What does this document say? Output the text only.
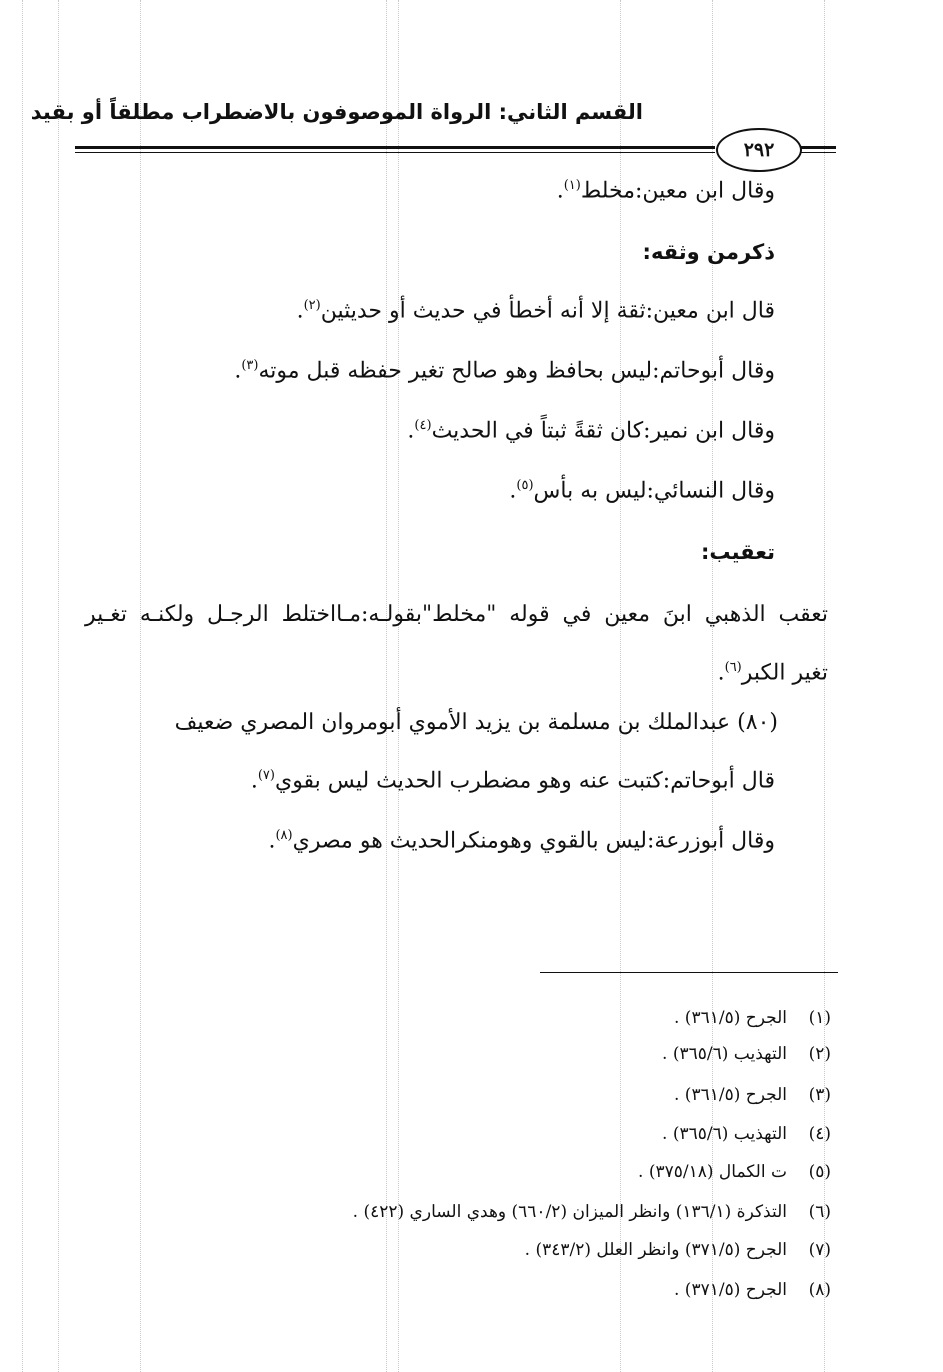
القسم الثاني: الرواة الموصوفون بالاضطراب مطلقاً أو بقيد
٢٩٢
وقال ابن معين:مخلط$^{(١)}$.
ذكرمن وثقه:
قال ابن معين:ثقة إلا أنه أخطأ في حديث أو حديثين$^{(٢)}$.
وقال أبوحاتم:ليس بحافظ وهو صالح تغير حفظه قبل موته$^{(٣)}$.
وقال ابن نمير:كان ثقةً ثبتاً في الحديث$^{(٤)}$.
وقال النسائي:ليس به بأس$^{(٥)}$.
تعقيب:
تعقب الذهبي ابنَ معين في قوله "مخلط"بقولـه:مـااختلط الرجـل ولكنـه تغـير
تغير الكبر$^{(٦)}$.
(٨٠) عبدالملك بن مسلمة بن يزيد الأموي أبومروان المصري ضعيف
قال أبوحاتم:كتبت عنه وهو مضطرب الحديث ليس بقوي$^{(٧)}$.
وقال أبوزرعة:ليس بالقوي وهومنكرالحديث هو مصري$^{(٨)}$.
(١)
الجرح (٣٦١/٥) .
(٢)
التهذيب (٣٦٥/٦) .
(٣)
الجرح (٣٦١/٥) .
(٤)
التهذيب (٣٦٥/٦) .
(٥)
ت الكمال (٣٧٥/١٨) .
(٦)
التذكرة (١٣٦/١) وانظر الميزان (٦٦٠/٢) وهدي الساري (٤٢٢) .
(٧)
الجرح (٣٧١/٥) وانظر العلل (٣٤٣/٢) .
(٨)
الجرح (٣٧١/٥) .
